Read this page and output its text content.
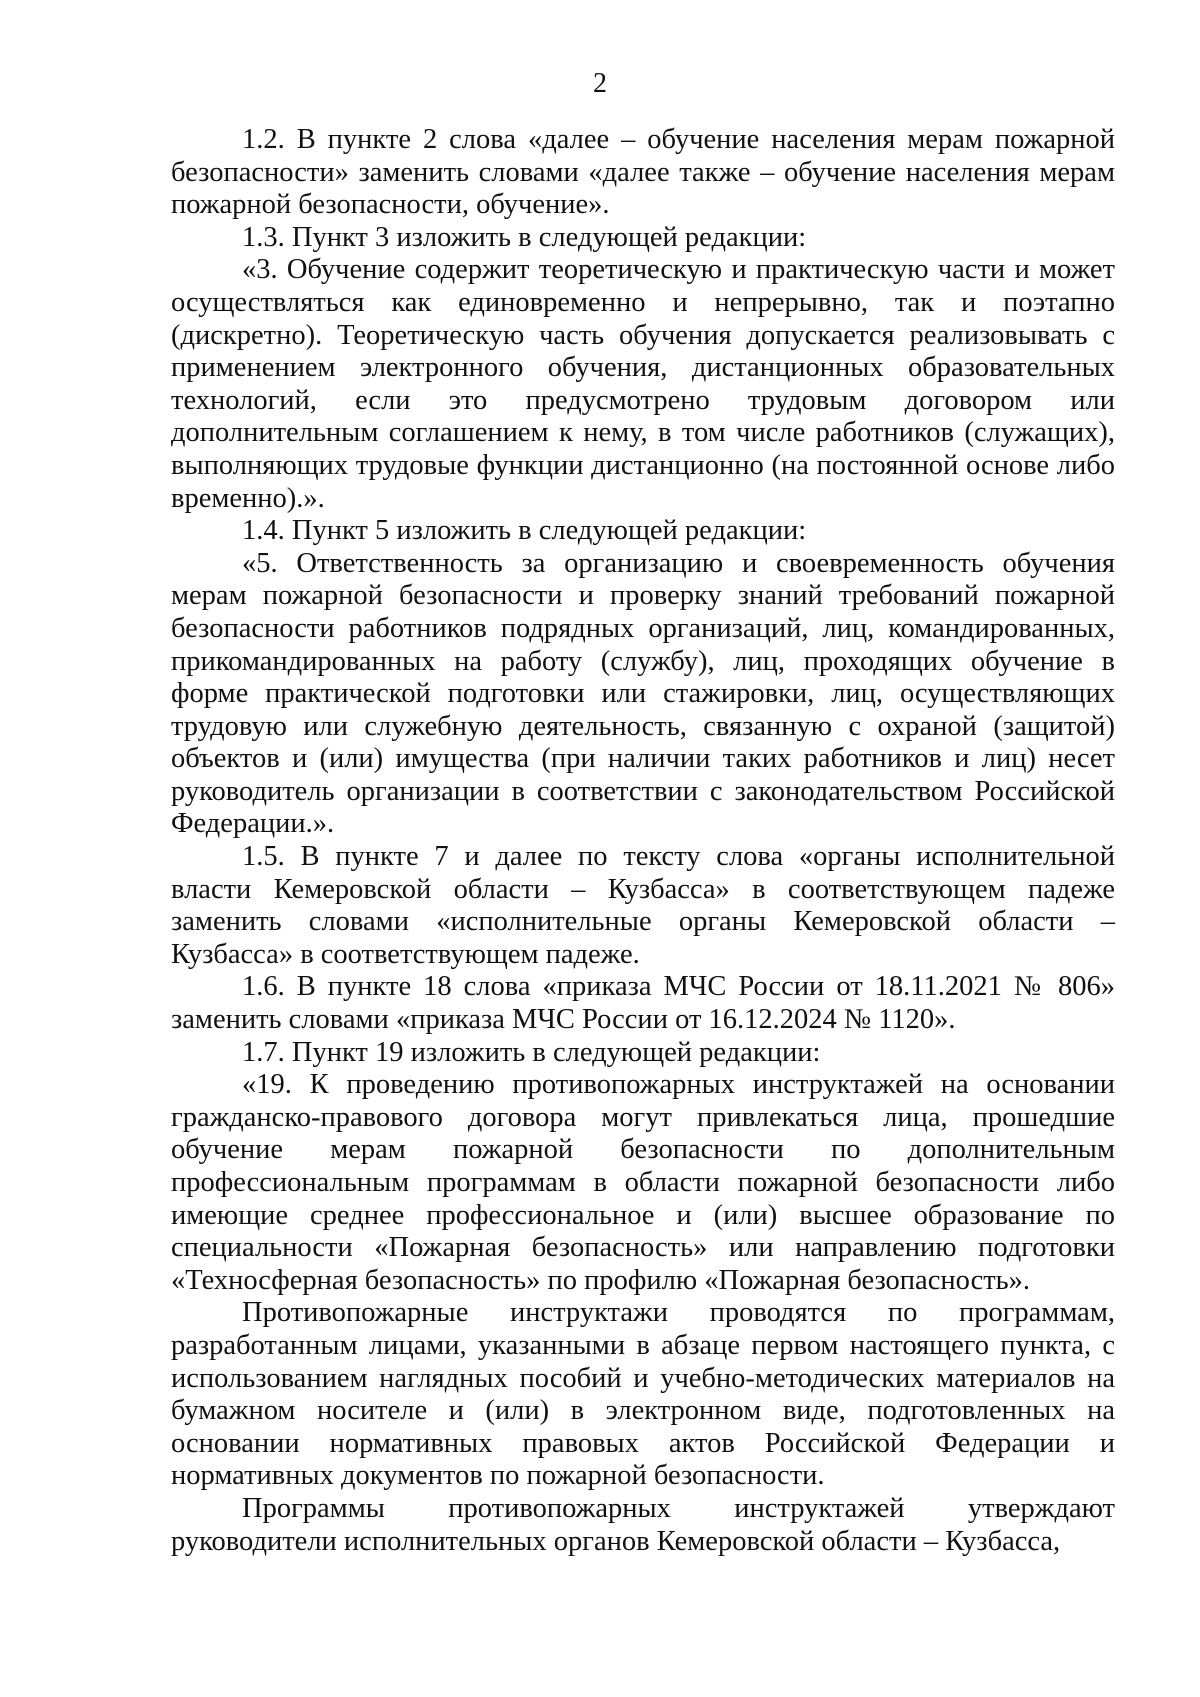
2

1.2. В пункте 2 слова «далее – обучение населения мерам пожарной безопасности» заменить словами «далее также – обучение населения мерам пожарной безопасности, обучение».

1.3. Пункт 3 изложить в следующей редакции:

«3. Обучение содержит теоретическую и практическую части и может осуществляться как единовременно и непрерывно, так и поэтапно (дискретно). Теоретическую часть обучения допускается реализовывать с применением электронного обучения, дистанционных образовательных технологий, если это предусмотрено трудовым договором или дополнительным соглашением к нему, в том числе работников (служащих), выполняющих трудовые функции дистанционно (на постоянной основе либо временно).».

1.4. Пункт 5 изложить в следующей редакции:

«5. Ответственность за организацию и своевременность обучения мерам пожарной безопасности и проверку знаний требований пожарной безопасности работников подрядных организаций, лиц, командированных, прикомандированных на работу (службу), лиц, проходящих обучение в форме практической подготовки или стажировки, лиц, осуществляющих трудовую или служебную деятельность, связанную с охраной (защитой) объектов и (или) имущества (при наличии таких работников и лиц) несет руководитель организации в соответствии с законодательством Российской Федерации.».

1.5. В пункте 7 и далее по тексту слова «органы исполнительной власти Кемеровской области – Кузбасса» в соответствующем падеже заменить словами «исполнительные органы Кемеровской области – Кузбасса» в соответствующем падеже.

1.6. В пункте 18 слова «приказа МЧС России от 18.11.2021 № 806» заменить словами «приказа МЧС России от 16.12.2024 № 1120».

1.7. Пункт 19 изложить в следующей редакции:

«19. К проведению противопожарных инструктажей на основании гражданско-правового договора могут привлекаться лица, прошедшие обучение мерам пожарной безопасности по дополнительным профессиональным программам в области пожарной безопасности либо имеющие среднее профессиональное и (или) высшее образование по специальности «Пожарная безопасность» или направлению подготовки «Техносферная безопасность» по профилю «Пожарная безопасность».

Противопожарные инструктажи проводятся по программам, разработанным лицами, указанными в абзаце первом настоящего пункта, с использованием наглядных пособий и учебно-методических материалов на бумажном носителе и (или) в электронном виде, подготовленных на основании нормативных правовых актов Российской Федерации и нормативных документов по пожарной безопасности.

Программы противопожарных инструктажей утверждают руководители исполнительных органов Кемеровской области – Кузбасса,
